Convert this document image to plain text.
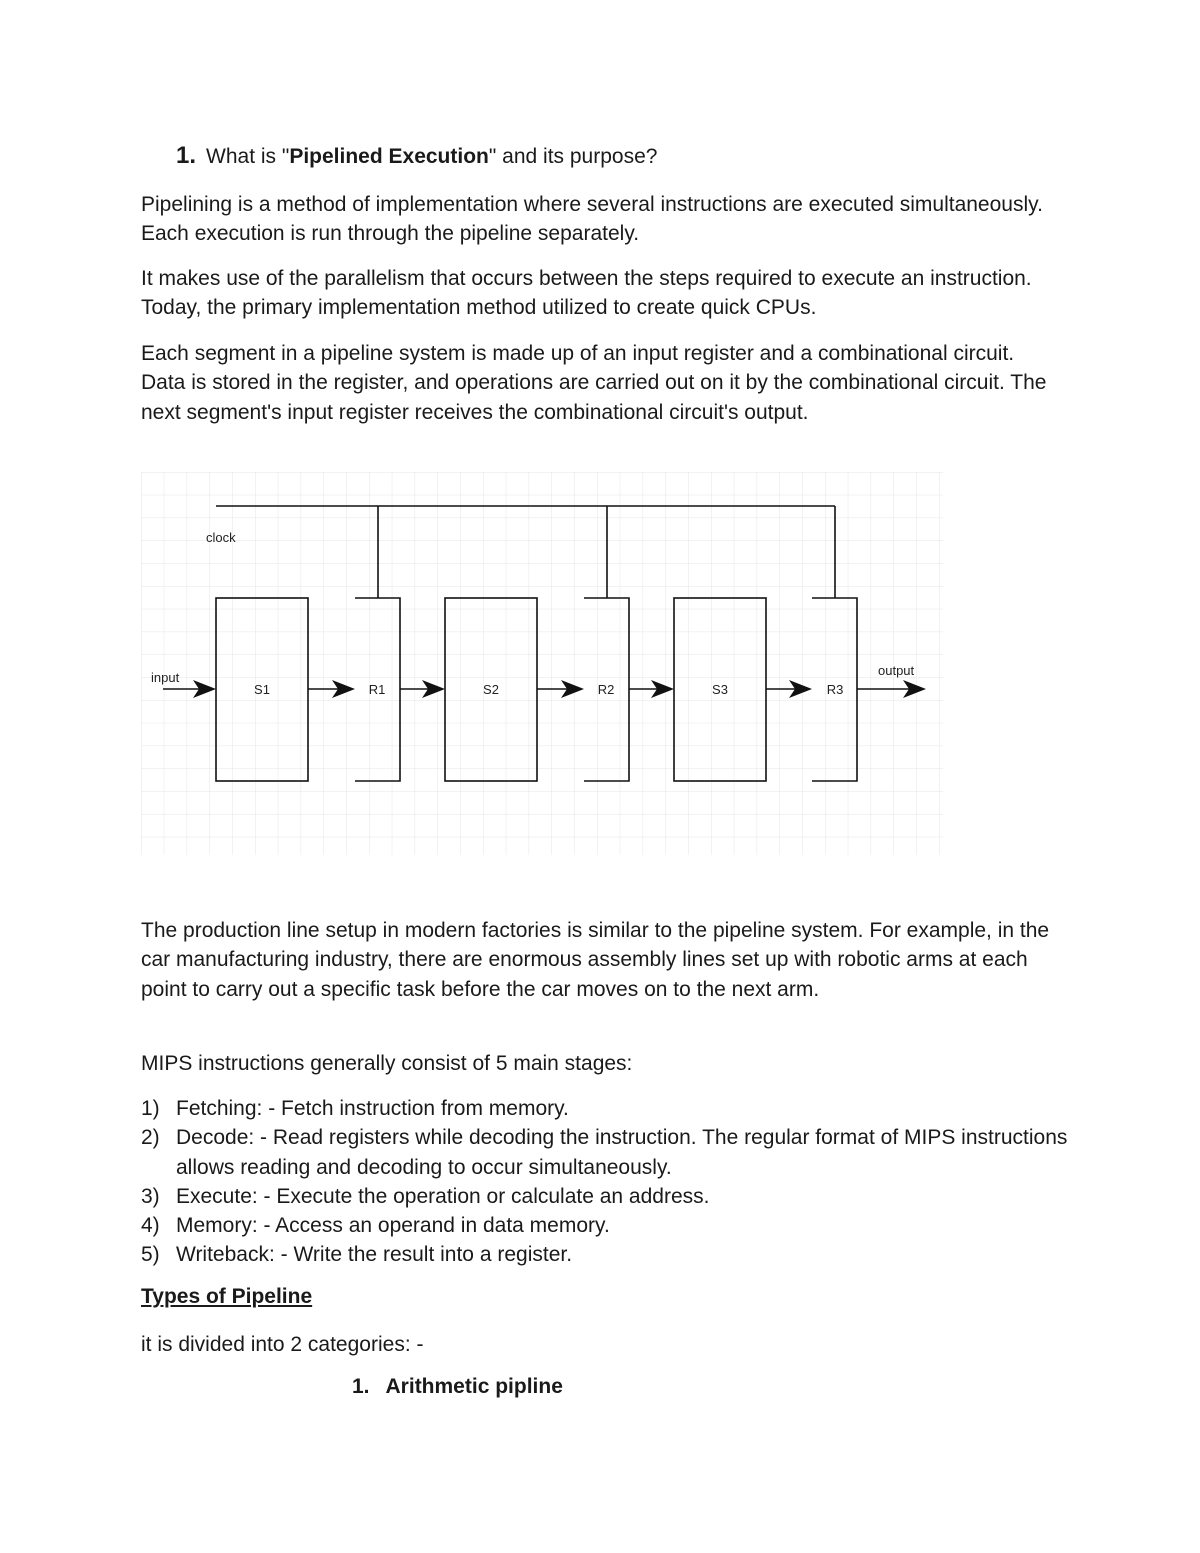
1. What is "Pipelined Execution" and its purpose?

Pipelining is a method of implementation where several instructions are executed simultaneously. Each execution is run through the pipeline separately.

It makes use of the parallelism that occurs between the steps required to execute an instruction. Today, the primary implementation method utilized to create quick CPUs.

Each segment in a pipeline system is made up of an input register and a combinational circuit. Data is stored in the register, and operations are carried out on it by the combinational circuit. The next segment's input register receives the combinational circuit's output.

clock
input	output
S1	S2	S3
R1	R2	R3

The production line setup in modern factories is similar to the pipeline system. For example, in the car manufacturing industry, there are enormous assembly lines set up with robotic arms at each point to carry out a specific task before the car moves on to the next arm.

MIPS instructions generally consist of 5 main stages:

1) Fetching: - Fetch instruction from memory.
2) Decode: - Read registers while decoding the instruction. The regular format of MIPS instructions allows reading and decoding to occur simultaneously.
3) Execute: - Execute the operation or calculate an address.
4) Memory: - Access an operand in data memory.
5) Writeback: - Write the result into a register.
Types of Pipeline

it is divided into 2 categories: -

1. Arithmetic pipline
